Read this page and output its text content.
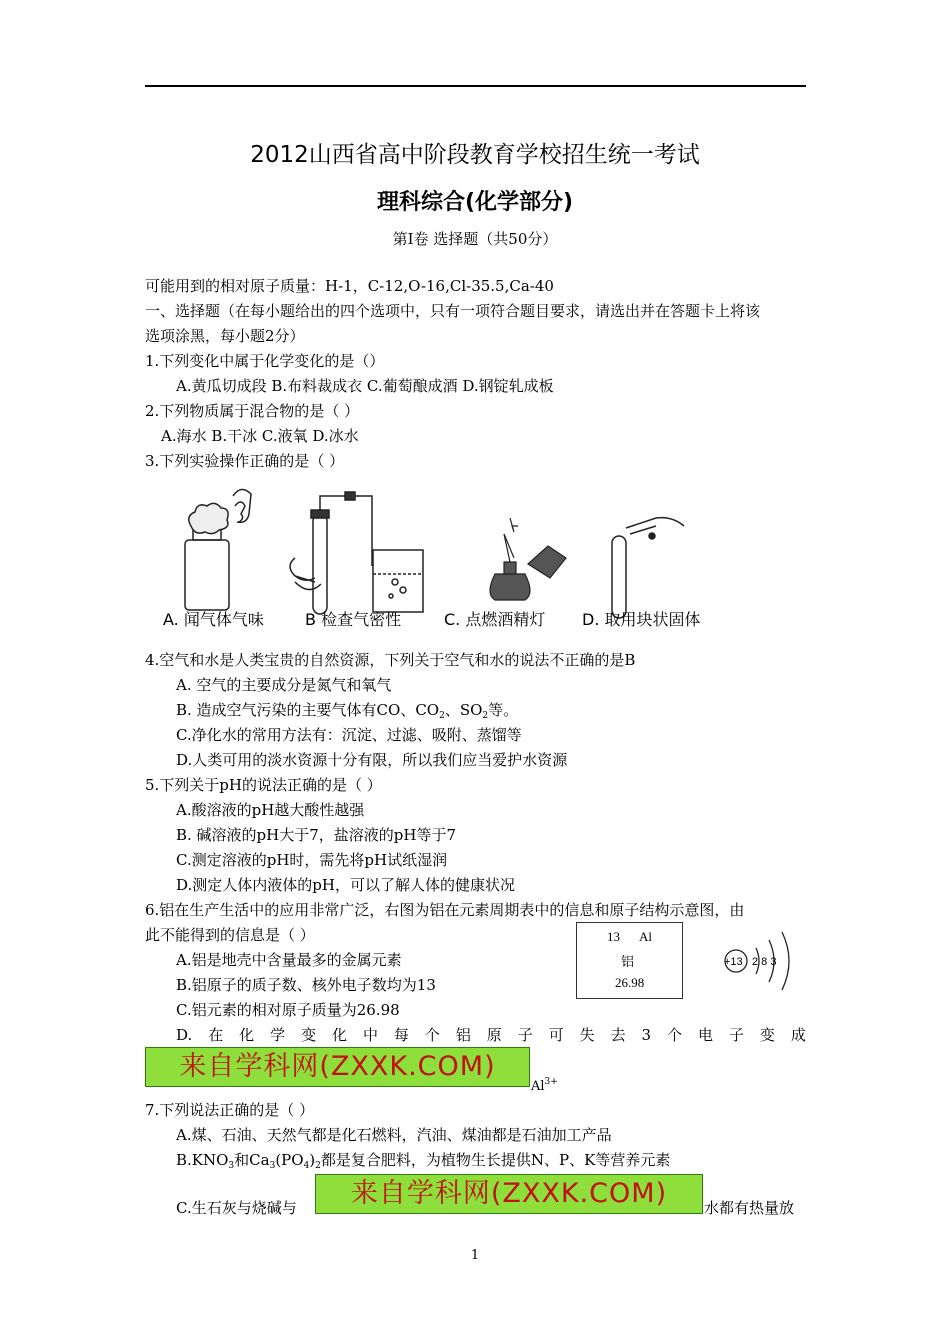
2012山西省高中阶段教育学校招生统一考试
理科综合(化学部分)
第Ⅰ卷 选择题（共50分）
可能用到的相对原子质量：H-1，C-12,O-16,Cl-35.5,Ca-40
一、选择题（在每小题给出的四个选项中，只有一项符合题目要求，请选出并在答题卡上将该
选项涂黑，每小题2分）
1.下列变化中属于化学变化的是（）
A.黄瓜切成段 B.布料裁成衣 C.葡萄酿成酒 D.钢锭轧成板
2.下列物质属于混合物的是（ ）
A.海水 B.干冰 C.液氧 D.冰水
3.下列实验操作正确的是（ ）
A. 闻气体气味	B 检查气密性	C. 点燃酒精灯 D. 取用块状固体
4.空气和水是人类宝贵的自然资源，下列关于空气和水的说法不正确的是B
A. 空气的主要成分是氮气和氧气
B. 造成空气污染的主要气体有CO、$CO_2$、$SO_2$等。
C.净化水的常用方法有：沉淀、过滤、吸附、蒸馏等
D.人类可用的淡水资源十分有限，所以我们应当爱护水资源
5.下列关于pH的说法正确的是（ ）
A.酸溶液的pH越大酸性越强
B. 碱溶液的pH大于7，盐溶液的pH等于7
C.测定溶液的pH时，需先将pH试纸湿润
D.测定人体内液体的pH，可以了解人体的健康状况
6.铝在生产生活中的应用非常广泛，右图为铝在元素周期表中的信息和原子结构示意图，由
此不能得到的信息是（ ）
A.铝是地壳中含量最多的金属元素
B.铝原子的质子数、核外电子数均为13
C.铝元素的相对原子质量为26.98
D. 在 化 学 变 化 中 每 个 铝 原 子 可 失 去 3 个 电 子 变 成
13 Al
铝
26.98
+13 2 8 3
来自学科网(ZXXK.COM)
$Al^{3+}$
7.下列说法正确的是（ ）
A.煤、石油、天然气都是化石燃料，汽油、煤油都是石油加工产品
$B.KNO_3$和$Ca_3(PO_4)_2$都是复合肥料，为植物生长提供N、P、K等营养元素
C.生石灰与烧碱与	来自学科网(ZXXK.COM)	水都有热量放
1
